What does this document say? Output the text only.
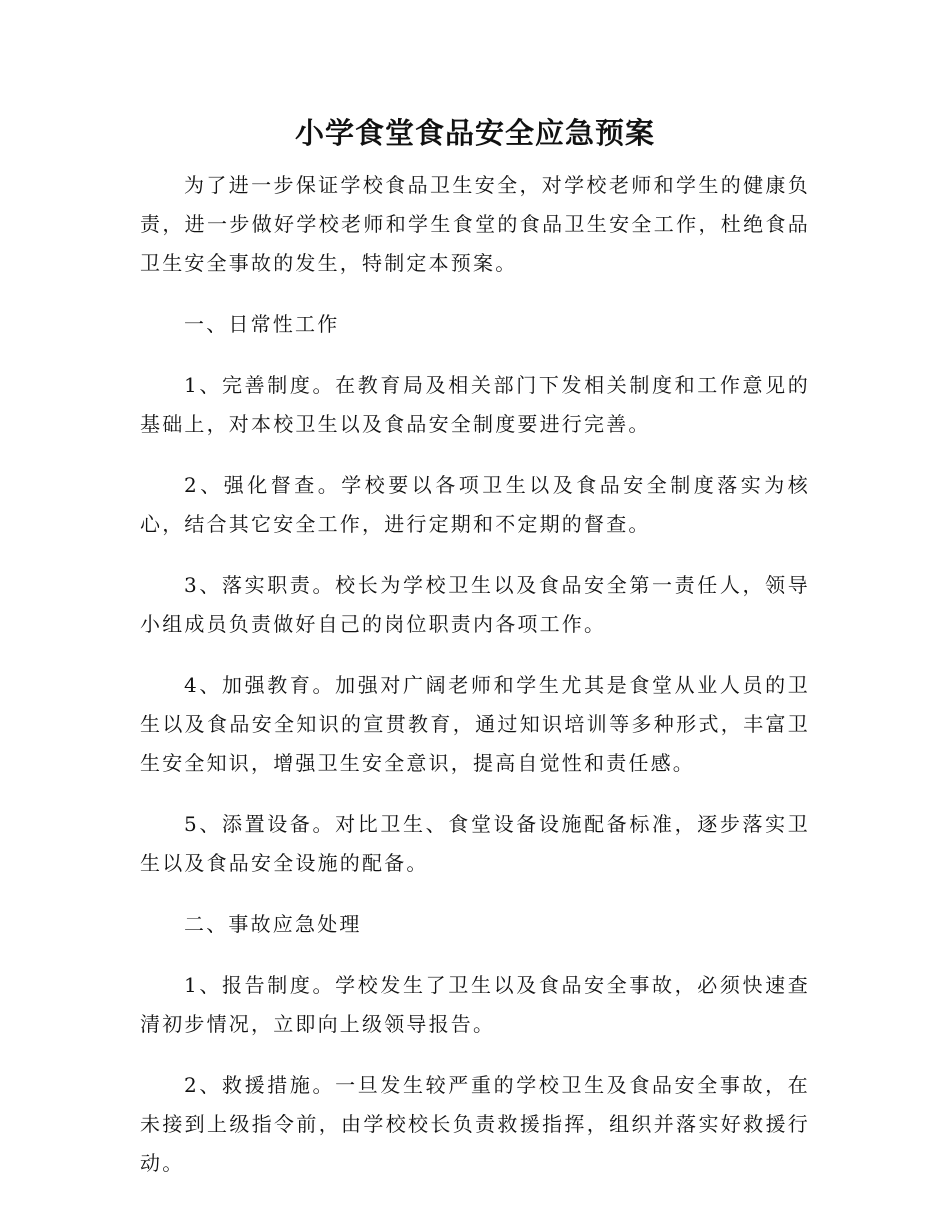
小学食堂食品安全应急预案

为了进一步保证学校食品卫生安全，对学校老师和学生的健康负责，进一步做好学校老师和学生食堂的食品卫生安全工作，杜绝食品卫生安全事故的发生，特制定本预案。

一、日常性工作

1、完善制度。在教育局及相关部门下发相关制度和工作意见的基础上，对本校卫生以及食品安全制度要进行完善。

2、强化督查。学校要以各项卫生以及食品安全制度落实为核心，结合其它安全工作，进行定期和不定期的督查。

3、落实职责。校长为学校卫生以及食品安全第一责任人，领导小组成员负责做好自己的岗位职责内各项工作。

4、加强教育。加强对广阔老师和学生尤其是食堂从业人员的卫生以及食品安全知识的宣贯教育，通过知识培训等多种形式，丰富卫生安全知识，增强卫生安全意识，提高自觉性和责任感。

5、添置设备。对比卫生、食堂设备设施配备标准，逐步落实卫生以及食品安全设施的配备。

二、事故应急处理

1、报告制度。学校发生了卫生以及食品安全事故，必须快速查清初步情况，立即向上级领导报告。

2、救援措施。一旦发生较严重的学校卫生及食品安全事故，在未接到上级指令前，由学校校长负责救援指挥，组织并落实好救援行动。
